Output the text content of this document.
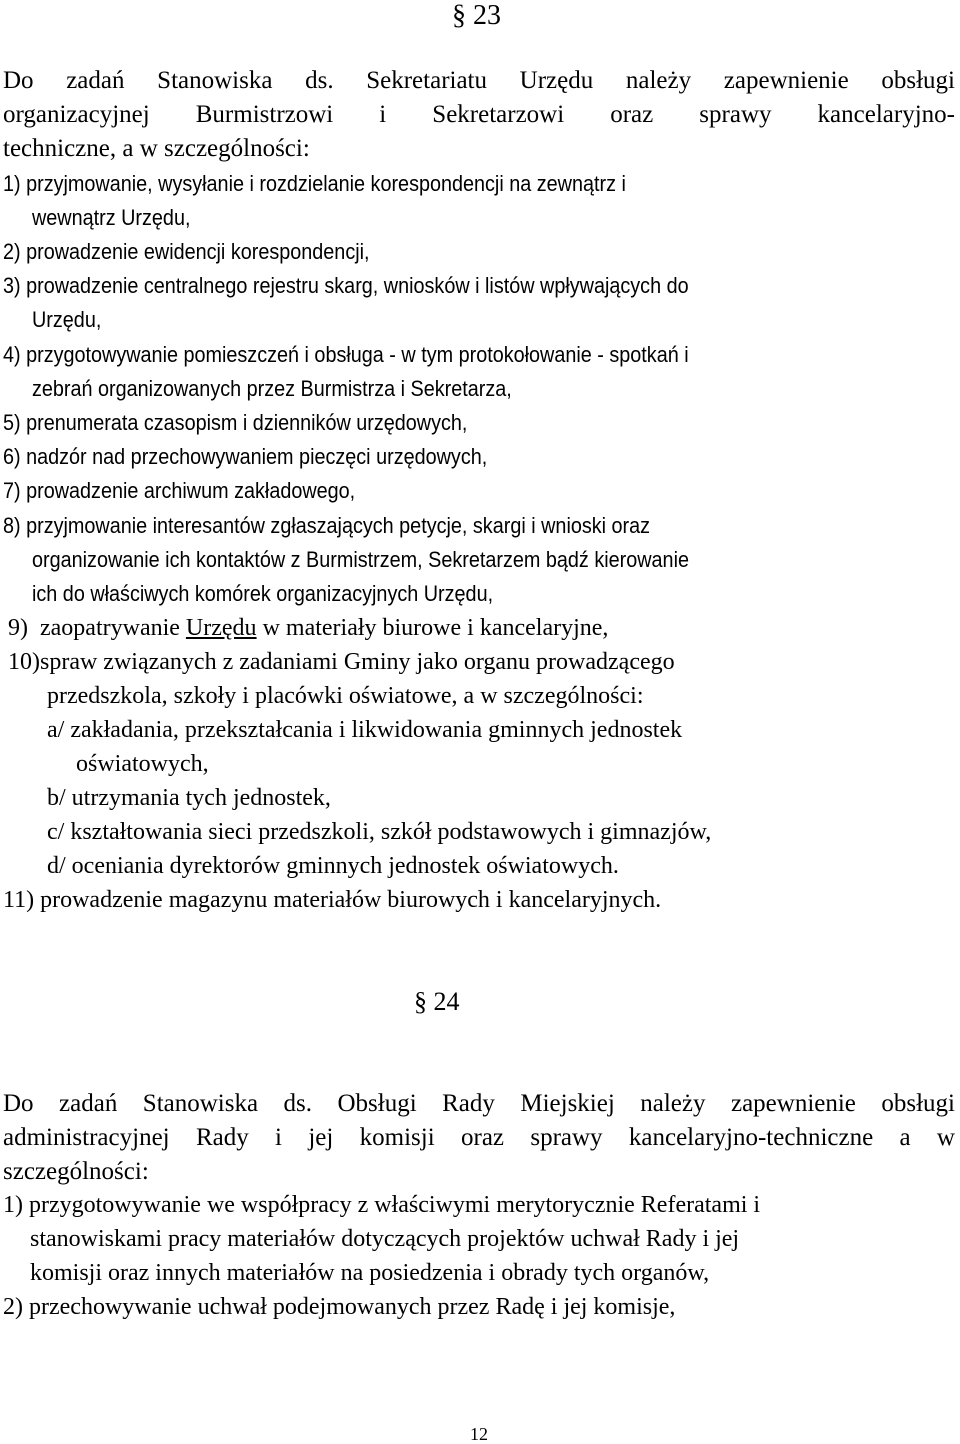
§ 23
Do zadań Stanowiska ds. Sekretariatu Urzędu należy zapewnienie obsługi
organizacyjnej Burmistrzowi i Sekretarzowi oraz sprawy kancelaryjno-
techniczne, a w szczególności:
1) przyjmowanie, wysyłanie i rozdzielanie korespondencji na zewnątrz i
wewnątrz Urzędu,
2) prowadzenie ewidencji korespondencji,
3) prowadzenie centralnego rejestru skarg, wniosków i listów wpływających do
Urzędu,
4) przygotowywanie pomieszczeń i obsługa - w tym protokołowanie - spotkań i
zebrań organizowanych przez Burmistrza i Sekretarza,
5) prenumerata czasopism i dzienników urzędowych,
6) nadzór nad przechowywaniem pieczęci urzędowych,
7) prowadzenie archiwum zakładowego,
8) przyjmowanie interesantów zgłaszających petycje, skargi i wnioski oraz
organizowanie ich kontaktów z Burmistrzem, Sekretarzem bądź kierowanie
ich do właściwych komórek organizacyjnych Urzędu,
9)  zaopatrywanie Urzędu w materiały biurowe i kancelaryjne,
10)spraw związanych z zadaniami Gminy jako organu prowadzącego
przedszkola, szkoły i placówki oświatowe, a w szczególności:
a/ zakładania, przekształcania i likwidowania gminnych jednostek
oświatowych,
b/ utrzymania tych jednostek,
c/ kształtowania sieci przedszkoli, szkół podstawowych i gimnazjów,
d/ oceniania dyrektorów gminnych jednostek oświatowych.
11) prowadzenie magazynu materiałów biurowych i kancelaryjnych.
§ 24
Do zadań Stanowiska ds. Obsługi Rady Miejskiej należy zapewnienie obsługi
administracyjnej Rady i jej komisji oraz sprawy kancelaryjno-techniczne a w
szczególności:
1) przygotowywanie we współpracy z właściwymi merytorycznie Referatami i
stanowiskami pracy materiałów dotyczących projektów uchwał Rady i jej
komisji oraz innych materiałów na posiedzenia i obrady tych organów,
2) przechowywanie uchwał podejmowanych przez Radę i jej komisje,
12
